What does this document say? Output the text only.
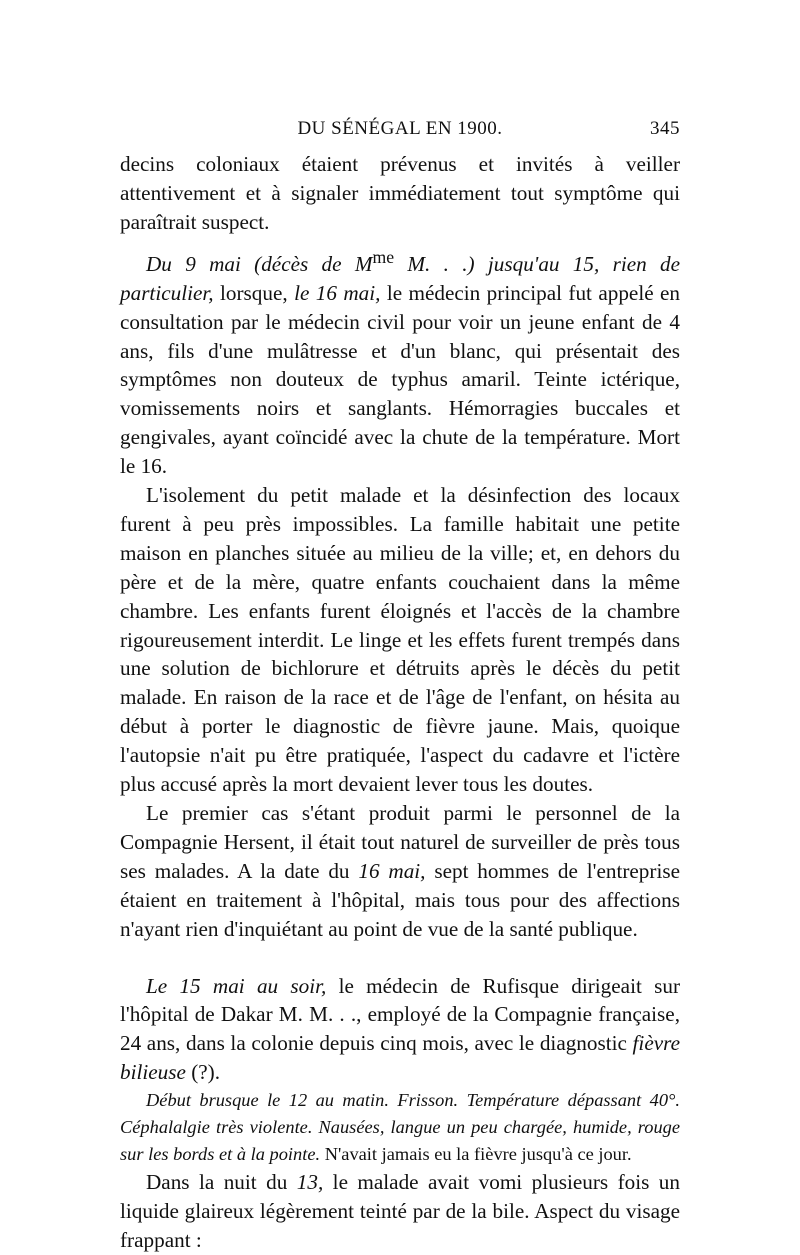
DU SÉNÉGAL EN 1900.	345

decins coloniaux étaient prévenus et invités à veiller attentivement et à signaler immédiatement tout symptôme qui paraîtrait suspect.

Du 9 mai (décès de $M^{me}$ M. . .) jusqu'au 15, rien de particulier, lorsque, le 16 mai, le médecin principal fut appelé en consultation par le médecin civil pour voir un jeune enfant de 4 ans, fils d'une mulâtresse et d'un blanc, qui présentait des symptômes non douteux de typhus amaril. Teinte ictérique, vomissements noirs et sanglants. Hémorragies buccales et gengivales, ayant coïncidé avec la chute de la température. Mort le 16.

L'isolement du petit malade et la désinfection des locaux furent à peu près impossibles. La famille habitait une petite maison en planches située au milieu de la ville; et, en dehors du père et de la mère, quatre enfants couchaient dans la même chambre. Les enfants furent éloignés et l'accès de la chambre rigoureusement interdit. Le linge et les effets furent trempés dans une solution de bichlorure et détruits après le décès du petit malade. En raison de la race et de l'âge de l'enfant, on hésita au début à porter le diagnostic de fièvre jaune. Mais, quoique l'autopsie n'ait pu être pratiquée, l'aspect du cadavre et l'ictère plus accusé après la mort devaient lever tous les doutes.

Le premier cas s'étant produit parmi le personnel de la Compagnie Hersent, il était tout naturel de surveiller de près tous ses malades. A la date du 16 mai, sept hommes de l'entreprise étaient en traitement à l'hôpital, mais tous pour des affections n'ayant rien d'inquiétant au point de vue de la santé publique.

Le 15 mai au soir, le médecin de Rufisque dirigeait sur l'hôpital de Dakar M. M. . ., employé de la Compagnie française, 24 ans, dans la colonie depuis cinq mois, avec le diagnostic fièvre bilieuse (?).

Début brusque le 12 au matin. Frisson. Température dépassant 40°. Céphalalgie très violente. Nausées, langue un peu chargée, humide, rouge sur les bords et à la pointe. N'avait jamais eu la fièvre jusqu'à ce jour.

Dans la nuit du 13, le malade avait vomi plusieurs fois un liquide glaireux légèrement teinté par de la bile. Aspect du visage frappant :
